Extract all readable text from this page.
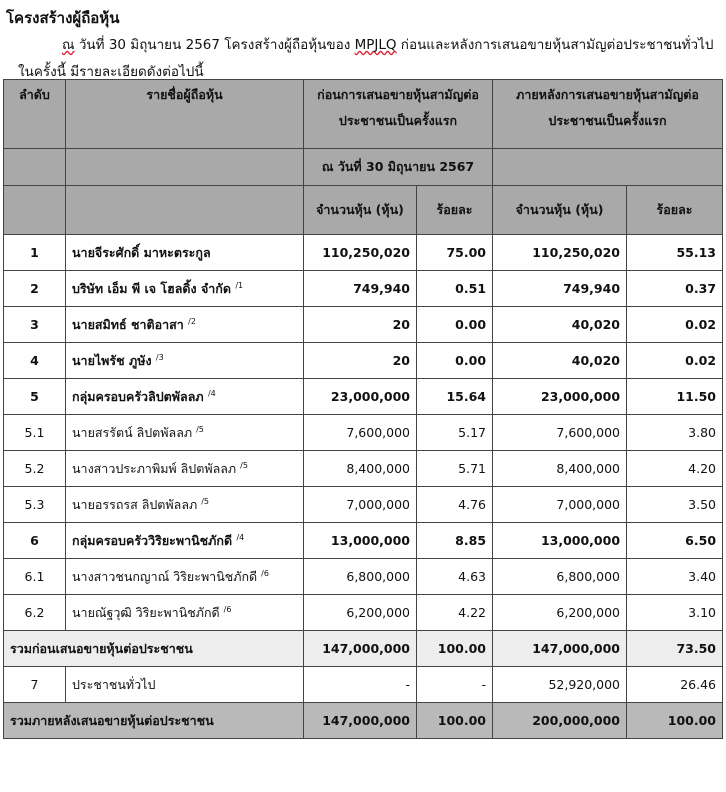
โครงสร้างผู้ถือหุ้น
ณ วันที่ 30 มิถุนายน 2567 โครงสร้างผู้ถือหุ้นของ MPJLQ ก่อนและหลังการเสนอขายหุ้นสามัญต่อประชาชนทั่วไปในครั้งนี้ มีรายละเอียดดังต่อไปนี้
ลำดับ	รายชื่อผู้ถือหุ้น	ก่อนการเสนอขายหุ้นสามัญต่อประชาชนเป็นครั้งแรก		ภายหลังการเสนอขายหุ้นสามัญต่อประชาชนเป็นครั้งแรก	
		ณ วันที่ 30 มิถุนายน 2567			
		จำนวนหุ้น (หุ้น)	ร้อยละ	จำนวนหุ้น (หุ้น)	ร้อยละ
1	นายจีระศักดิ์ มาหะตระกูล	110,250,020	75.00	110,250,020	55.13
2	บริษัท เอ็ม พี เจ โฮลดิ้ง จำกัด $^{/1}$	749,940	0.51	749,940	0.37
3	นายสมิทธ์ ชาติอาสา $^{/2}$	20	0.00	40,020	0.02
4	นายไพรัช ภูษัง $^{/3}$	20	0.00	40,020	0.02
5	กลุ่มครอบครัวลิปตพัลลภ $^{/4}$	23,000,000	15.64	23,000,000	11.50
5.1	นายสรรัตน์ ลิปตพัลลภ $^{/5}$	7,600,000	5.17	7,600,000	3.80
5.2	นางสาวประภาพิมพ์ ลิปตพัลลภ $^{/5}$	8,400,000	5.71	8,400,000	4.20
5.3	นายอรรถรส ลิปตพัลลภ $^{/5}$	7,000,000	4.76	7,000,000	3.50
6	กลุ่มครอบครัววิริยะพานิชภักดี $^{/4}$	13,000,000	8.85	13,000,000	6.50
6.1	นางสาวชนกญาณ์ วิริยะพานิชภักดี $^{/6}$	6,800,000	4.63	6,800,000	3.40
6.2	นายณัฐวุฒิ วิริยะพานิชภักดี $^{/6}$	6,200,000	4.22	6,200,000	3.10
รวมก่อนเสนอขายหุ้นต่อประชาชน		147,000,000	100.00	147,000,000	73.50
7	ประชาชนทั่วไป	-	-	52,920,000	26.46
รวมภายหลังเสนอขายหุ้นต่อประชาชน		147,000,000	100.00	200,000,000	100.00
